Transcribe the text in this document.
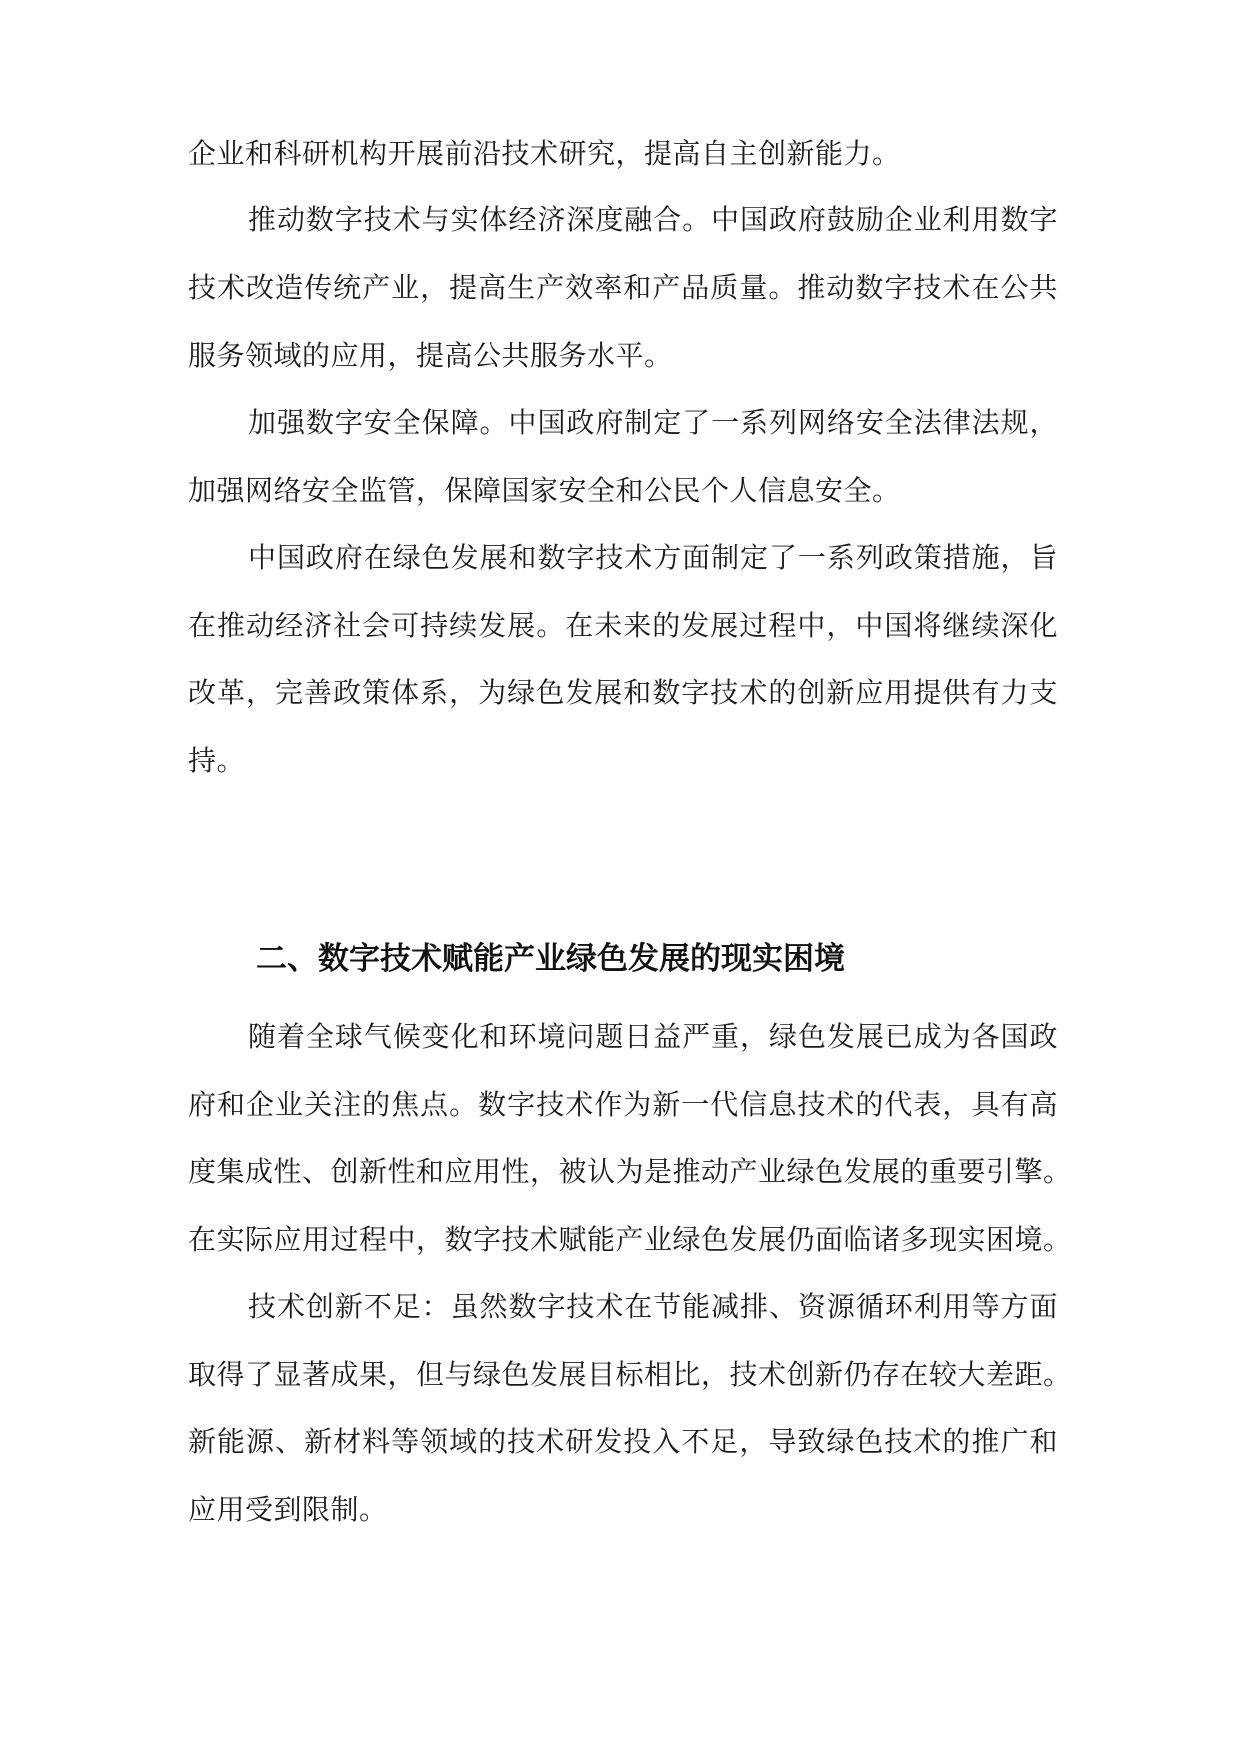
企业和科研机构开展前沿技术研究，提高自主创新能力。
推动数字技术与实体经济深度融合。中国政府鼓励企业利用数字
技术改造传统产业，提高生产效率和产品质量。推动数字技术在公共
服务领域的应用，提高公共服务水平。
加强数字安全保障。中国政府制定了一系列网络安全法律法规，
加强网络安全监管，保障国家安全和公民个人信息安全。
中国政府在绿色发展和数字技术方面制定了一系列政策措施，旨
在推动经济社会可持续发展。在未来的发展过程中，中国将继续深化
改革，完善政策体系，为绿色发展和数字技术的创新应用提供有力支
持。
二、数字技术赋能产业绿色发展的现实困境
随着全球气候变化和环境问题日益严重，绿色发展已成为各国政
府和企业关注的焦点。数字技术作为新一代信息技术的代表，具有高
度集成性、创新性和应用性，被认为是推动产业绿色发展的重要引擎。
在实际应用过程中，数字技术赋能产业绿色发展仍面临诸多现实困境。
技术创新不足：虽然数字技术在节能减排、资源循环利用等方面
取得了显著成果，但与绿色发展目标相比，技术创新仍存在较大差距。
新能源、新材料等领域的技术研发投入不足，导致绿色技术的推广和
应用受到限制。
